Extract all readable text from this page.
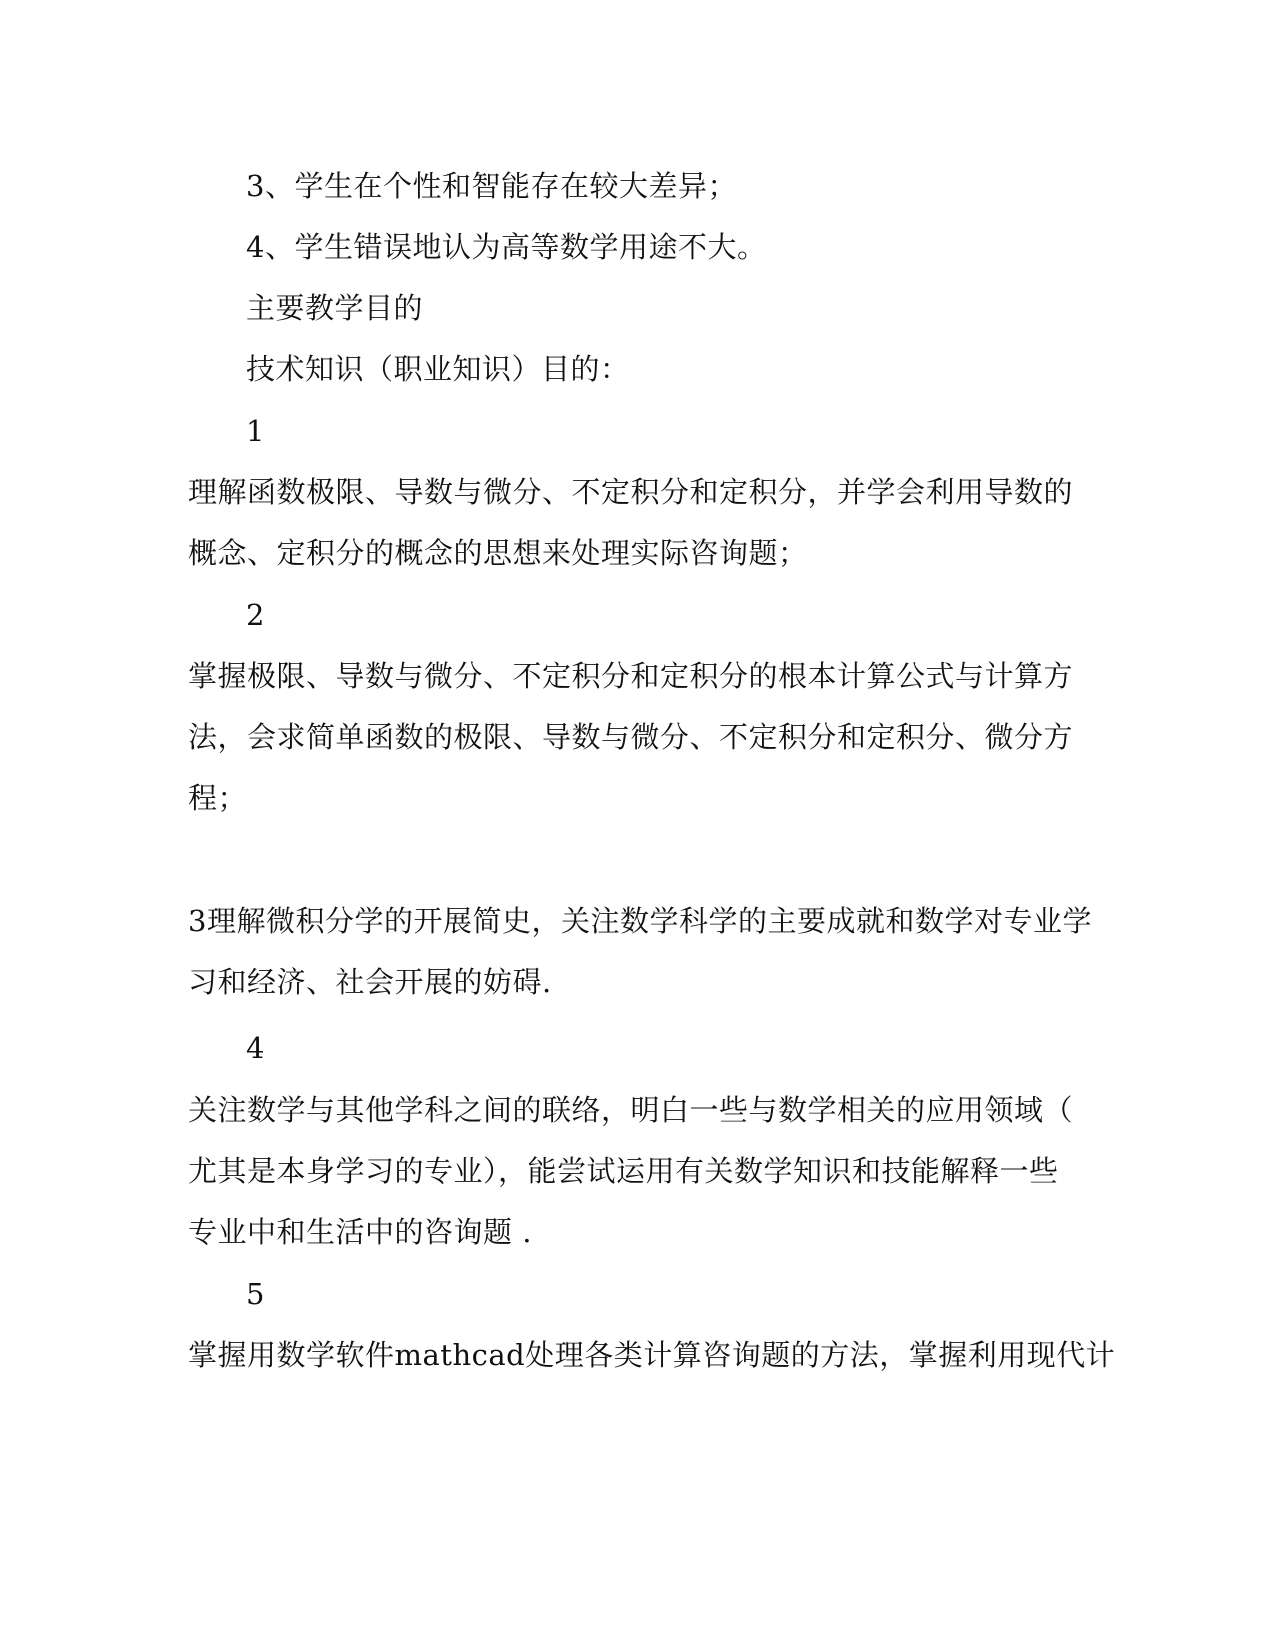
3、学生在个性和智能存在较大差异；
4、学生错误地认为高等数学用途不大。
主要教学目的
技术知识（职业知识）目的：
1
理解函数极限、导数与微分、不定积分和定积分，并学会利用导数的
概念、定积分的概念的思想来处理实际咨询题；
2
掌握极限、导数与微分、不定积分和定积分的根本计算公式与计算方
法，会求简单函数的极限、导数与微分、不定积分和定积分、微分方
程；
3理解微积分学的开展简史，关注数学科学的主要成就和数学对专业学
习和经济、社会开展的妨碍.
4
关注数学与其他学科之间的联络，明白一些与数学相关的应用领域（
尤其是本身学习的专业），能尝试运用有关数学知识和技能解释一些
专业中和生活中的咨询题 .
5
掌握用数学软件mathcad处理各类计算咨询题的方法，掌握利用现代计
